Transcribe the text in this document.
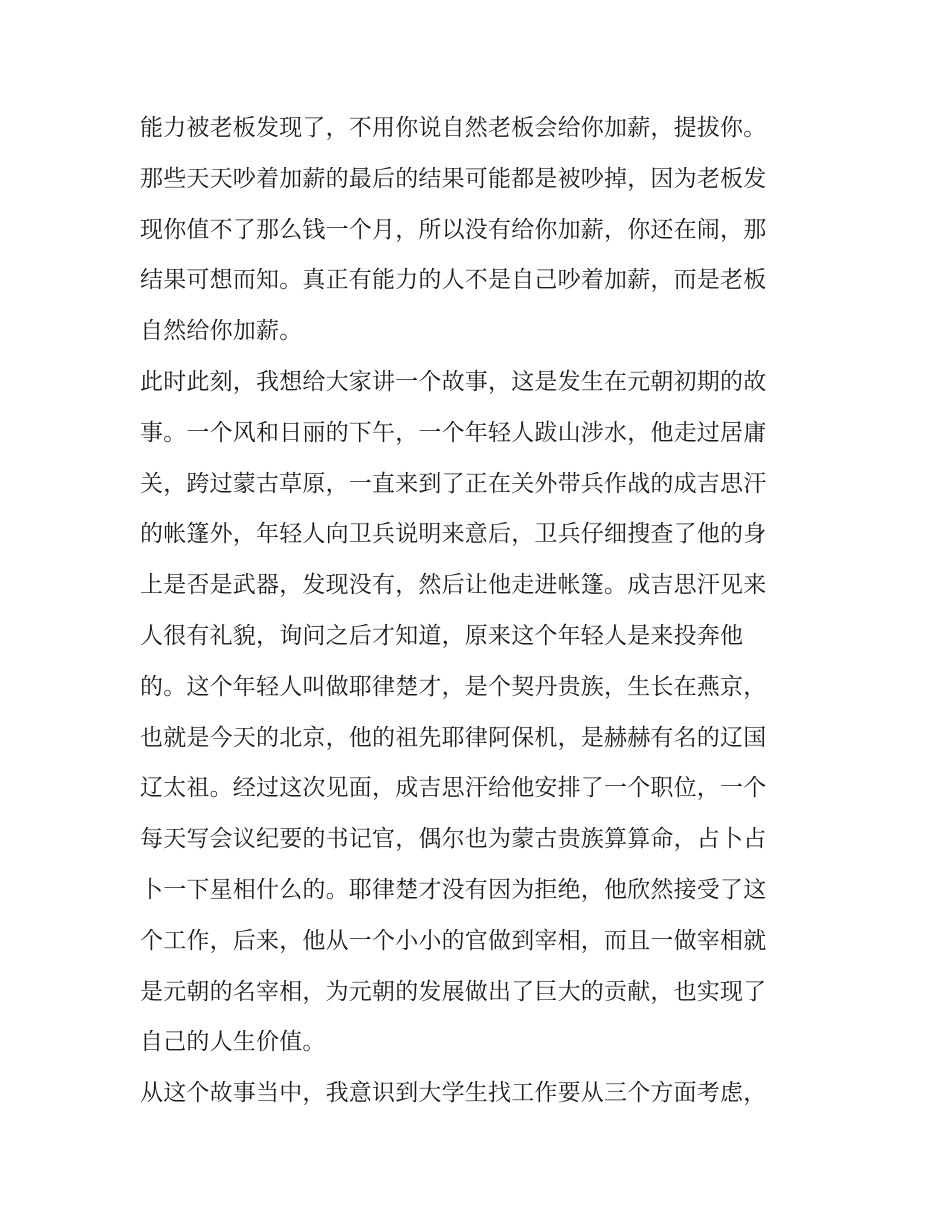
能力被老板发现了，不用你说自然老板会给你加薪，提拔你。
那些天天吵着加薪的最后的结果可能都是被吵掉，因为老板发
现你值不了那么钱一个月，所以没有给你加薪，你还在闹，那
结果可想而知。真正有能力的人不是自己吵着加薪，而是老板
自然给你加薪。
此时此刻，我想给大家讲一个故事，这是发生在元朝初期的故
事。一个风和日丽的下午，一个年轻人跋山涉水，他走过居庸
关，跨过蒙古草原，一直来到了正在关外带兵作战的成吉思汗
的帐篷外，年轻人向卫兵说明来意后，卫兵仔细搜查了他的身
上是否是武器，发现没有，然后让他走进帐篷。成吉思汗见来
人很有礼貌，询问之后才知道，原来这个年轻人是来投奔他
的。这个年轻人叫做耶律楚才，是个契丹贵族，生长在燕京，
也就是今天的北京，他的祖先耶律阿保机，是赫赫有名的辽国
辽太祖。经过这次见面，成吉思汗给他安排了一个职位，一个
每天写会议纪要的书记官，偶尔也为蒙古贵族算算命，占卜占
卜一下星相什么的。耶律楚才没有因为拒绝，他欣然接受了这
个工作，后来，他从一个小小的官做到宰相，而且一做宰相就
是元朝的名宰相，为元朝的发展做出了巨大的贡献，也实现了
自己的人生价值。
从这个故事当中，我意识到大学生找工作要从三个方面考虑，
